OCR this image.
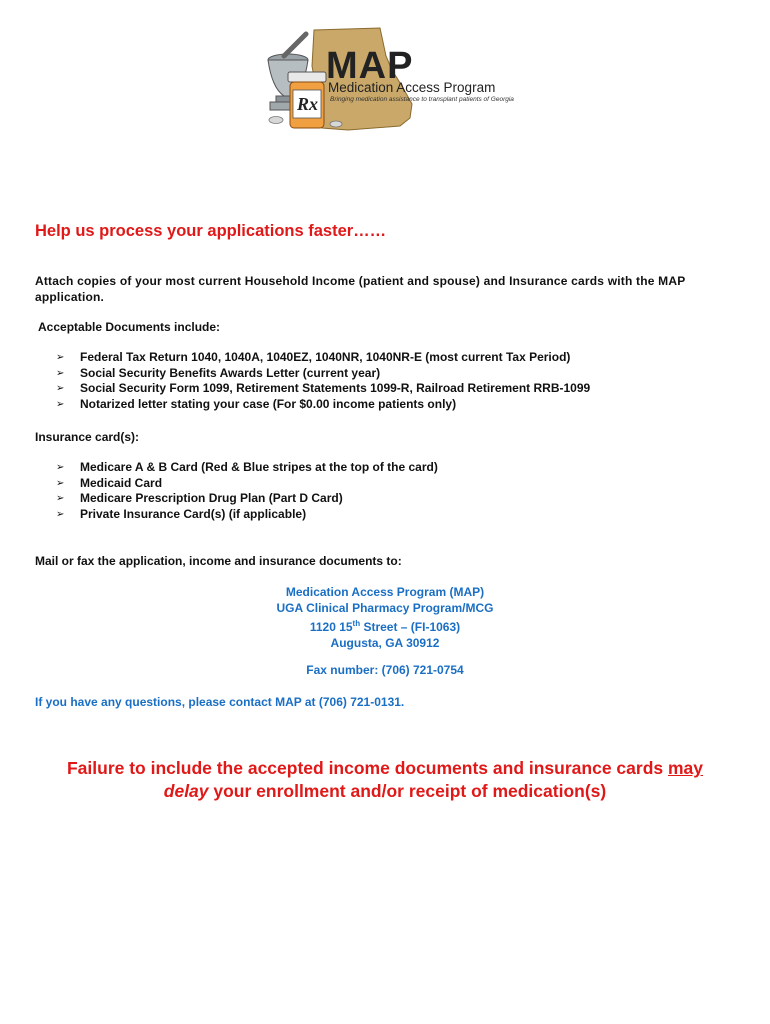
Rx
MAP
Medication Access Program
Bringing medication assistance to transplant patients of Georgia
Help us process your applications faster……
Attach copies of your most current Household Income (patient and spouse) and Insurance cards with the MAP application.
Acceptable Documents include:
➢ Federal Tax Return 1040, 1040A, 1040EZ, 1040NR, 1040NR-E (most current Tax Period)
➢ Social Security Benefits Awards Letter (current year)
➢ Social Security Form 1099, Retirement Statements 1099-R, Railroad Retirement RRB-1099
➢ Notarized letter stating your case (For $0.00 income patients only)
Insurance card(s):
➢ Medicare A & B Card (Red & Blue stripes at the top of the card)
➢ Medicaid Card
➢ Medicare Prescription Drug Plan (Part D Card)
➢ Private Insurance Card(s) (if applicable)
Mail or fax the application, income and insurance documents to:
Medication Access Program (MAP)
UGA Clinical Pharmacy Program/MCG
1120 15th Street – (FI-1063)
Augusta, GA 30912
Fax number: (706) 721-0754
If you have any questions, please contact MAP at (706) 721-0131.
Failure to include the accepted income documents and insurance cards may
delay your enrollment and/or receipt of medication(s)
